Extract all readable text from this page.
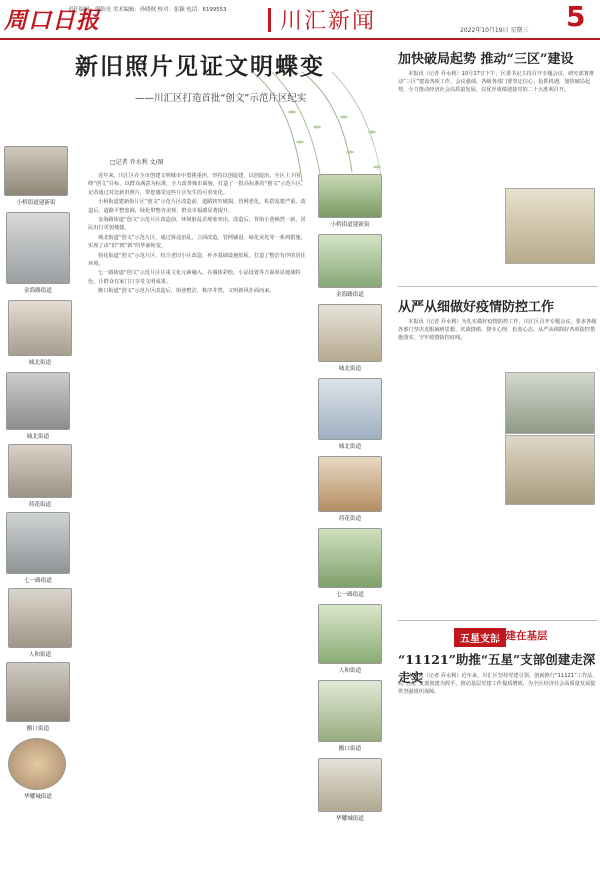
周口日报
责任编辑：郭怡昊 美术编辑：孙晓秋 校对：张颖 电话：6199553	川汇新闻	2022年10月19日 星期三 5
新旧照片见证文明蝶变
——川汇区打造首批“创文”示范片区纪实
□记者 乔水利 文/图
小桥街道建新街
金海路街道
城北街道
城北街道
荷花街道
七一路街道
人和街道
搬口街道
华耀城街道
小桥街道建新街
金海路街道
城北街道
城北街道
荷花街道
七一路街道
人和街道
搬口街道
华耀城街道

近年来，川汇区在全市创建文明城市中勇挑重担，坚持以创促建、以创促治，全区上下围绕“创文”目标，以群众满意为标准，全力改善城市面貌，打造了一批高标准的“创文”示范片区。记者通过对比新旧照片，带您感受这些片区发生的可喜变化。

小桥街道建新街片区“创文”示范片区改造前，道路狭窄破损，管网老化，私搭乱建严重。改造后，道路平整宽阔，绿化带整齐美观，群众幸福感显著提升。

金海路街道“创文”示范片区改造前，环境脏乱差现象突出。改造后，背街小巷焕然一新，居民出行更加便捷。

城北街道“创文”示范片区，通过拆违治乱、立面改造、管网铺设、绿化美化等一系列措施，实现了由“旧”到“新”的华丽转变。

荷花街道“创文”示范片区，结合老旧小区改造，补齐基础设施短板，打造了整洁有序的居住环境。

七一路街道“创文”示范片区注重文化元素融入，在墙体彩绘、小品设置等方面彰显地域特色，让群众在家门口享受文明成果。

搬口街道“创文”示范片区改造后，街巷整洁，秩序井然，文明新风扑面而来。

加快破局起势 推动“三区”建设
本报讯（记者 乔水利）10月17日下午，区委书记主持召开专题会议，研究部署推动“三区”建设各项工作。会议强调，各级各部门要坚定信心、抢抓机遇，加快破局起势，全力推动经济社会高质量发展，以优异成绩迎接党的二十大胜利召开。
从严从细做好疫情防控工作
本报讯（记者 乔水利）为扎实做好疫情防控工作，川汇区召开专题会议，要求各级各部门坚决克服麻痹思想、厌战情绪、侥幸心理、松劲心态，从严从细抓好各项防控措施落实，守牢疫情防控底线。
五星支部
创建在基层
“11121”助推“五星”支部创建走深走实
本报讯（记者 乔水利）近年来，川汇区坚持党建引领，创新推行“11121”工作法，以“五星”支部创建为抓手，推动基层党建工作提质增效，为全区经济社会高质量发展提供坚强组织保障。
